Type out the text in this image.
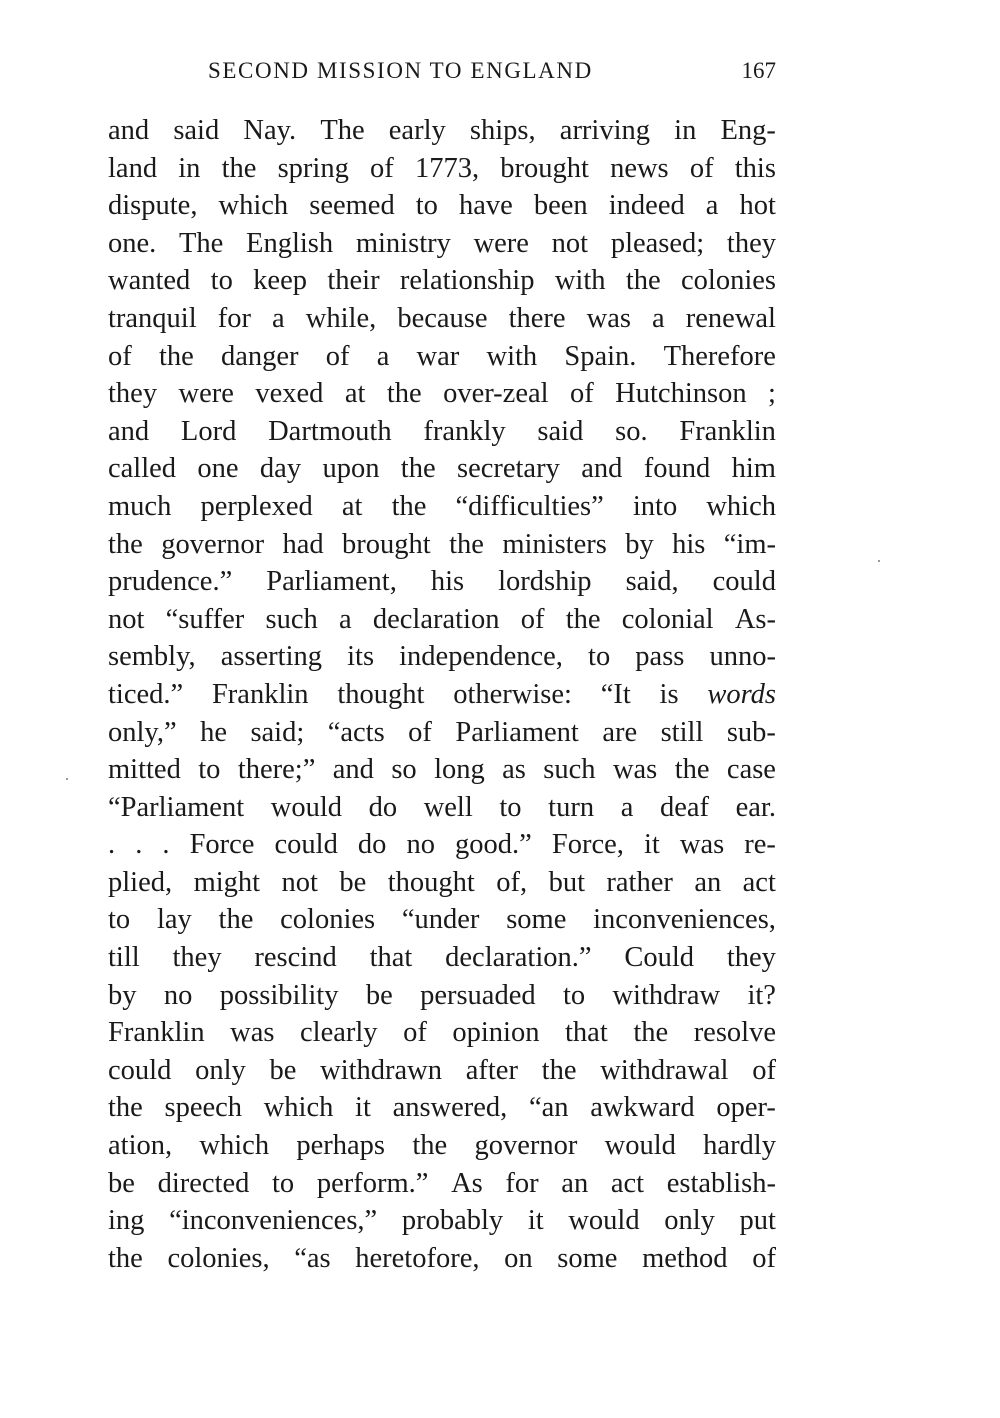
SECOND MISSION TO ENGLAND	167
and said Nay. The early ships, arriving in Eng-
land in the spring of 1773, brought news of this
dispute, which seemed to have been indeed a hot
one. The English ministry were not pleased; they
wanted to keep their relationship with the colonies
tranquil for a while, because there was a renewal
of the danger of a war with Spain. Therefore
they were vexed at the over-zeal of Hutchinson ;
and Lord Dartmouth frankly said so. Franklin
called one day upon the secretary and found him
much perplexed at the “difficulties” into which
the governor had brought the ministers by his “im-
prudence.” Parliament, his lordship said, could
not “suffer such a declaration of the colonial As-
sembly, asserting its independence, to pass unno-
ticed.” Franklin thought otherwise: “It is words
only,” he said; “acts of Parliament are still sub-
mitted to there;” and so long as such was the case
“Parliament would do well to turn a deaf ear.
. . . Force could do no good.” Force, it was re-
plied, might not be thought of, but rather an act
to lay the colonies “under some inconveniences,
till they rescind that declaration.” Could they
by no possibility be persuaded to withdraw it?
Franklin was clearly of opinion that the resolve
could only be withdrawn after the withdrawal of
the speech which it answered, “an awkward oper-
ation, which perhaps the governor would hardly
be directed to perform.” As for an act establish-
ing “inconveniences,” probably it would only put
the colonies, “as heretofore, on some method of
